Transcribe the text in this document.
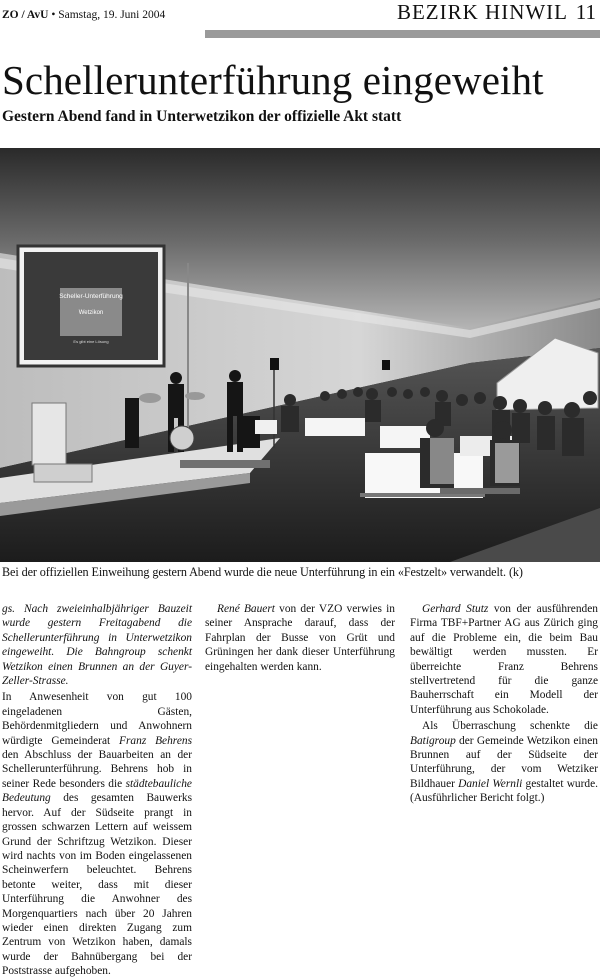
ZO / AvU • Samstag, 19. Juni 2004	BEZIRK HINWIL 11
Schellerunterführung eingeweiht
Gestern Abend fand in Unterwetzikon der offizielle Akt statt
Scheller-Unterführung
Wetzikon
Es gibt eine Lösung
Bei der offiziellen Einweihung gestern Abend wurde die neue Unterführung in ein «Festzelt» verwandelt. (k)

gs. Nach zweieinhalbjähriger Bauzeit wurde gestern Freitagabend die Schellerunterführung in Unterwetzikon eingeweiht. Die Bahngroup schenkt Wetzikon einen Brunnen an der Guyer-Zeller-Strasse.

In Anwesenheit von gut 100 eingeladenen Gästen, Behördenmitgliedern und Anwohnern würdigte Gemeinderat Franz Behrens den Abschluss der Bauarbeiten an der Schellerunterführung. Behrens hob in seiner Rede besonders die städtebauliche Bedeutung des gesamten Bauwerks hervor. Auf der Südseite prangt in grossen schwarzen Lettern auf weissem Grund der Schriftzug Wetzikon. Dieser wird nachts von im Boden eingelassenen Scheinwerfern beleuchtet. Behrens betonte weiter, dass mit dieser Unterführung die Anwohner des Morgenquartiers nach über 20 Jahren wieder einen direkten Zugang zum Zentrum von Wetzikon haben, damals wurde der Bahnübergang bei der Poststrasse aufgehoben.

René Bauert von der VZO verwies in seiner Ansprache darauf, dass der Fahrplan der Busse von Grüt und Grüningen her dank dieser Unterführung eingehalten werden kann.

Gerhard Stutz von der ausführenden Firma TBF+Partner AG aus Zürich ging auf die Probleme ein, die beim Bau bewältigt werden mussten. Er überreichte Franz Behrens stellvertretend für die ganze Bauherrschaft ein Modell der Unterführung aus Schokolade.

Als Überraschung schenkte die Batigroup der Gemeinde Wetzikon einen Brunnen auf der Südseite der Unterführung, der vom Wetziker Bildhauer Daniel Wernli gestaltet wurde. (Ausführlicher Bericht folgt.)
